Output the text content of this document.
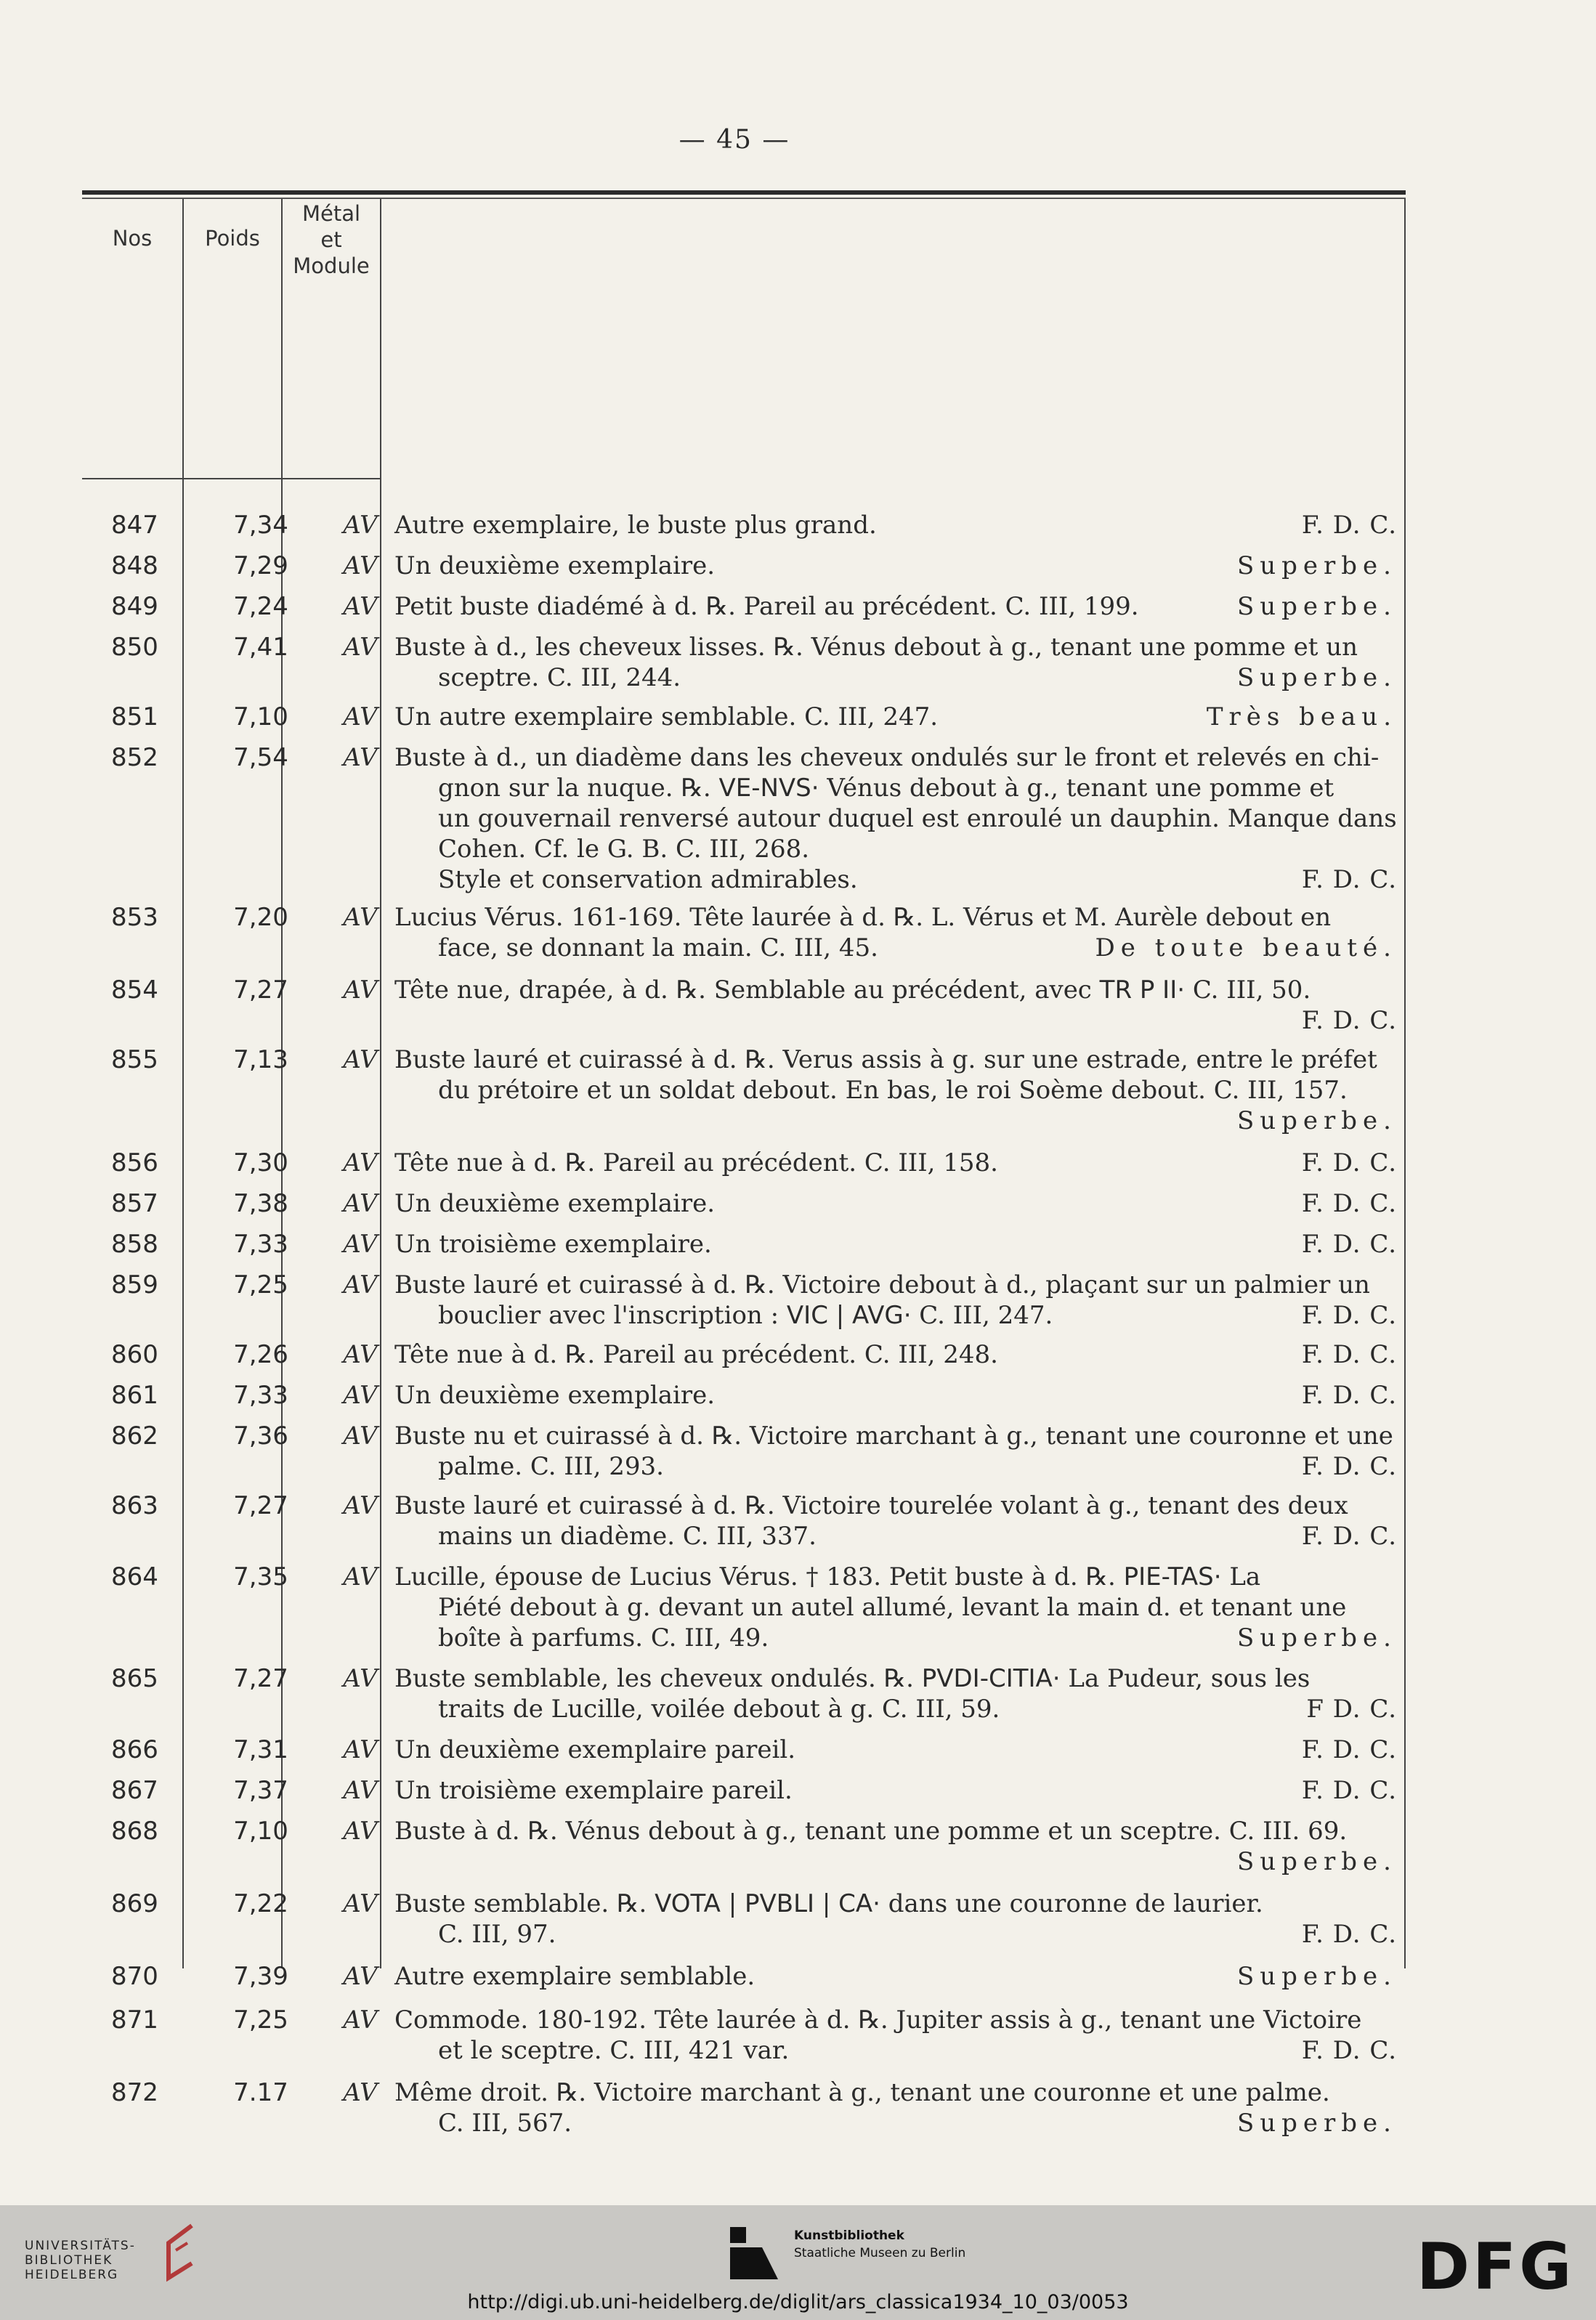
— 45 —
Nos	Poids
Métal
et
Module
847	7,34	AV Autre exemplaire, le buste plus grand.	F. D. C.
848	7,29	AV Un deuxième exemplaire.	Superbe.
849	7,24	AV Petit buste diadémé à d. ℞. Pareil au précédent. C. III, 199.	Superbe.
850	7,41	AV Buste à d., les cheveux lisses. ℞. Vénus debout à g., tenant une pomme et un
sceptre. C. III, 244.	Superbe.
851	7,10	AV Un autre exemplaire semblable. C. III, 247.	Très beau.
852	7,54	AV Buste à d., un diadème dans les cheveux ondulés sur le front et relevés en chi-
gnon sur la nuque. ℞. VE-NVS· Vénus debout à g., tenant une pomme et
un gouvernail renversé autour duquel est enroulé un dauphin. Manque dans
Cohen. Cf. le G. B. C. III, 268.
Style et conservation admirables.	F. D. C.
853	7,20	AV Lucius Vérus. 161-169. Tête laurée à d. ℞. L. Vérus et M. Aurèle debout en
face, se donnant la main. C. III, 45.	De toute beauté.
854	7,27	AV Tête nue, drapée, à d. ℞. Semblable au précédent, avec TR P II· C. III, 50.
F. D. C.
855	7,13	AV Buste lauré et cuirassé à d. ℞. Verus assis à g. sur une estrade, entre le préfet
du prétoire et un soldat debout. En bas, le roi Soème debout. C. III, 157.
Superbe.
856	7,30	AV Tête nue à d. ℞. Pareil au précédent. C. III, 158.	F. D. C.
857	7,38	AV Un deuxième exemplaire.	F. D. C.
858	7,33	AV Un troisième exemplaire.	F. D. C.
859	7,25	AV Buste lauré et cuirassé à d. ℞. Victoire debout à d., plaçant sur un palmier un
bouclier avec l'inscription : VIC | AVG· C. III, 247.	F. D. C.
860	7,26	AV Tête nue à d. ℞. Pareil au précédent. C. III, 248.	F. D. C.
861	7,33	AV Un deuxième exemplaire.	F. D. C.
862	7,36	AV Buste nu et cuirassé à d. ℞. Victoire marchant à g., tenant une couronne et une
palme. C. III, 293.	F. D. C.
863	7,27	AV Buste lauré et cuirassé à d. ℞. Victoire tourelée volant à g., tenant des deux
mains un diadème. C. III, 337.	F. D. C.
864	7,35	AV Lucille, épouse de Lucius Vérus. † 183. Petit buste à d. ℞. PIE-TAS· La
Piété debout à g. devant un autel allumé, levant la main d. et tenant une
boîte à parfums. C. III, 49.	Superbe.
865	7,27	AV Buste semblable, les cheveux ondulés. ℞. PVDI-CITIA· La Pudeur, sous les
traits de Lucille, voilée debout à g. C. III, 59.	F D. C.
866	7,31	AV Un deuxième exemplaire pareil.	F. D. C.
867	7,37	AV Un troisième exemplaire pareil.	F. D. C.
868	7,10	AV Buste à d. ℞. Vénus debout à g., tenant une pomme et un sceptre. C. III. 69.
Superbe.
869	7,22	AV Buste semblable. ℞. VOTA | PVBLI | CA· dans une couronne de laurier.
C. III, 97.	F. D. C.
870	7,39	AV Autre exemplaire semblable.	Superbe.
871	7,25	AV Commode. 180-192. Tête laurée à d. ℞. Jupiter assis à g., tenant une Victoire
et le sceptre. C. III, 421 var.	F. D. C.
872	7.17	AV Même droit. ℞. Victoire marchant à g., tenant une couronne et une palme.
C. III, 567.	Superbe.
UNIVERSITÄTS-
BIBLIOTHEK
HEIDELBERG
Kunstbibliothek
Staatliche Museen zu Berlin	DFG
http://digi.ub.uni-heidelberg.de/diglit/ars_classica1934_10_03/0053
